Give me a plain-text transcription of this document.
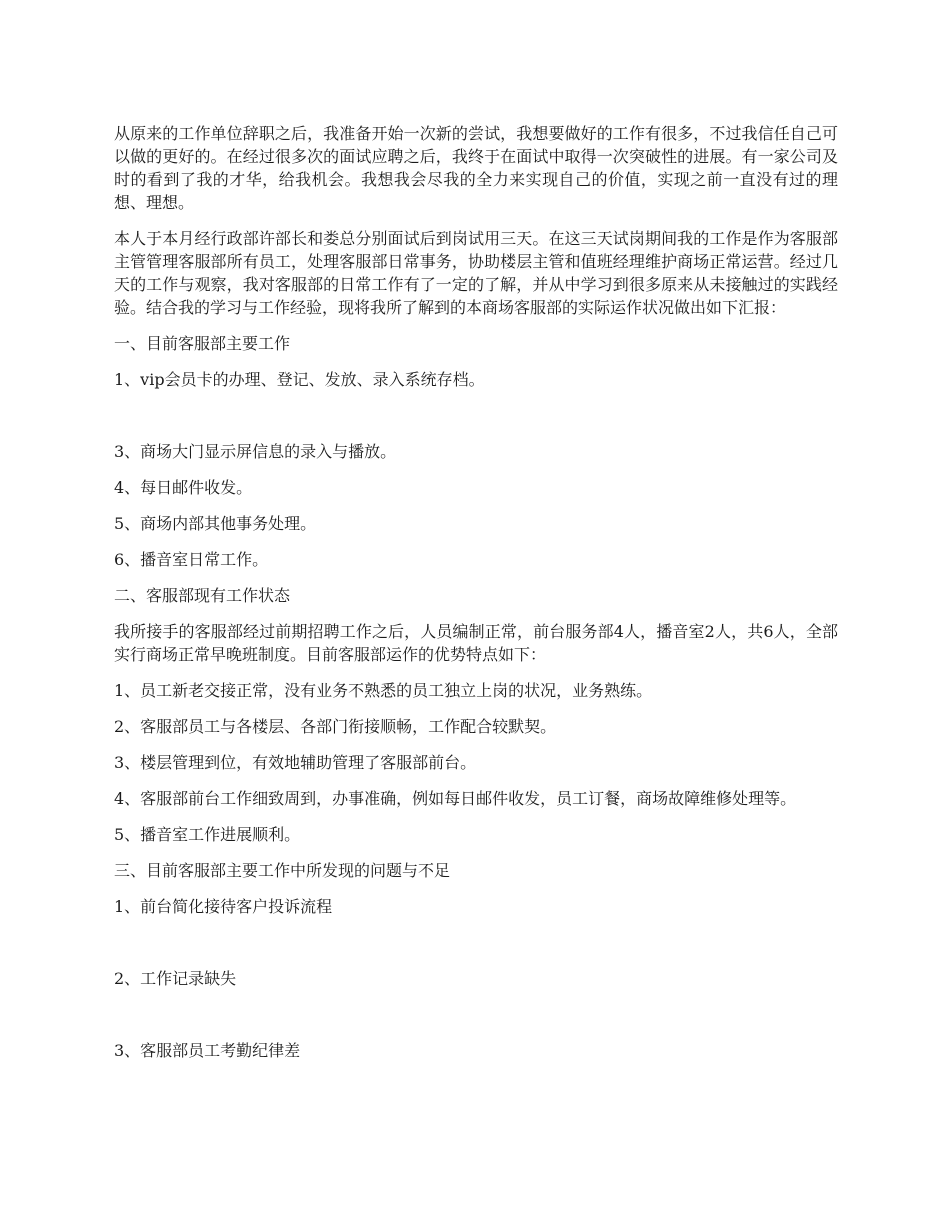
从原来的工作单位辞职之后，我准备开始一次新的尝试，我想要做好的工作有很多，不过我信任自己可以做的更好的。在经过很多次的面试应聘之后，我终于在面试中取得一次突破性的进展。有一家公司及时的看到了我的才华，给我机会。我想我会尽我的全力来实现自己的价值，实现之前一直没有过的理想、理想。

本人于本月经行政部许部长和娄总分别面试后到岗试用三天。在这三天试岗期间我的工作是作为客服部主管管理客服部所有员工，处理客服部日常事务，协助楼层主管和值班经理维护商场正常运营。经过几天的工作与观察，我对客服部的日常工作有了一定的了解，并从中学习到很多原来从未接触过的实践经验。结合我的学习与工作经验，现将我所了解到的本商场客服部的实际运作状况做出如下汇报：

一、目前客服部主要工作

1、vip会员卡的办理、登记、发放、录入系统存档。

3、商场大门显示屏信息的录入与播放。

4、每日邮件收发。

5、商场内部其他事务处理。

6、播音室日常工作。

二、客服部现有工作状态

我所接手的客服部经过前期招聘工作之后，人员编制正常，前台服务部4人，播音室2人，共6人，全部实行商场正常早晚班制度。目前客服部运作的优势特点如下：

1、员工新老交接正常，没有业务不熟悉的员工独立上岗的状况，业务熟练。

2、客服部员工与各楼层、各部门衔接顺畅，工作配合较默契。

3、楼层管理到位，有效地辅助管理了客服部前台。

4、客服部前台工作细致周到，办事准确，例如每日邮件收发，员工订餐，商场故障维修处理等。

5、播音室工作进展顺利。

三、目前客服部主要工作中所发现的问题与不足

1、前台简化接待客户投诉流程

2、工作记录缺失

3、客服部员工考勤纪律差
